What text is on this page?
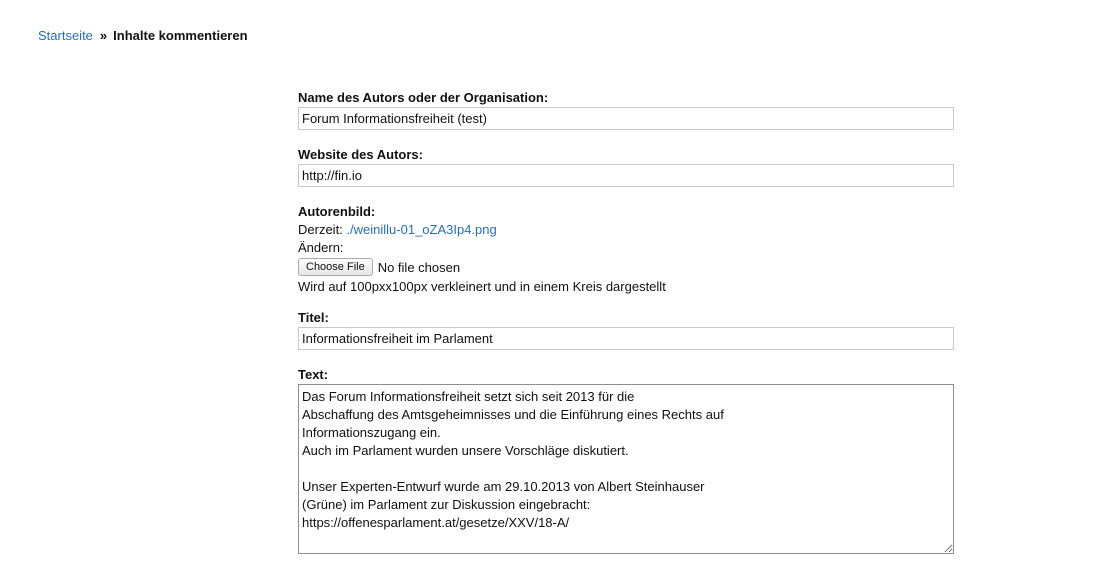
Startseite » Inhalte kommentieren
Name des Autors oder der Organisation:
Forum Informationsfreiheit (test)
Website des Autors:
http://fin.io
Autorenbild:
Derzeit: ./weinillu-01_oZA3Ip4.png
Ändern:
Choose File	No file chosen
Wird auf 100pxx100px verkleinert und in einem Kreis dargestellt
Titel:
Informationsfreiheit im Parlament
Text:
Das Forum Informationsfreiheit setzt sich seit 2013 für die Abschaffung des Amtsgeheimnisses und die Einführung eines Rechts auf Informationszugang ein. Auch im Parlament wurden unsere Vorschläge diskutiert. Unser Experten-Entwurf wurde am 29.10.2013 von Albert Steinhauser (Grüne) im Parlament zur Diskussion eingebracht: https://offenesparlament.at/gesetze/XXV/18-A/
